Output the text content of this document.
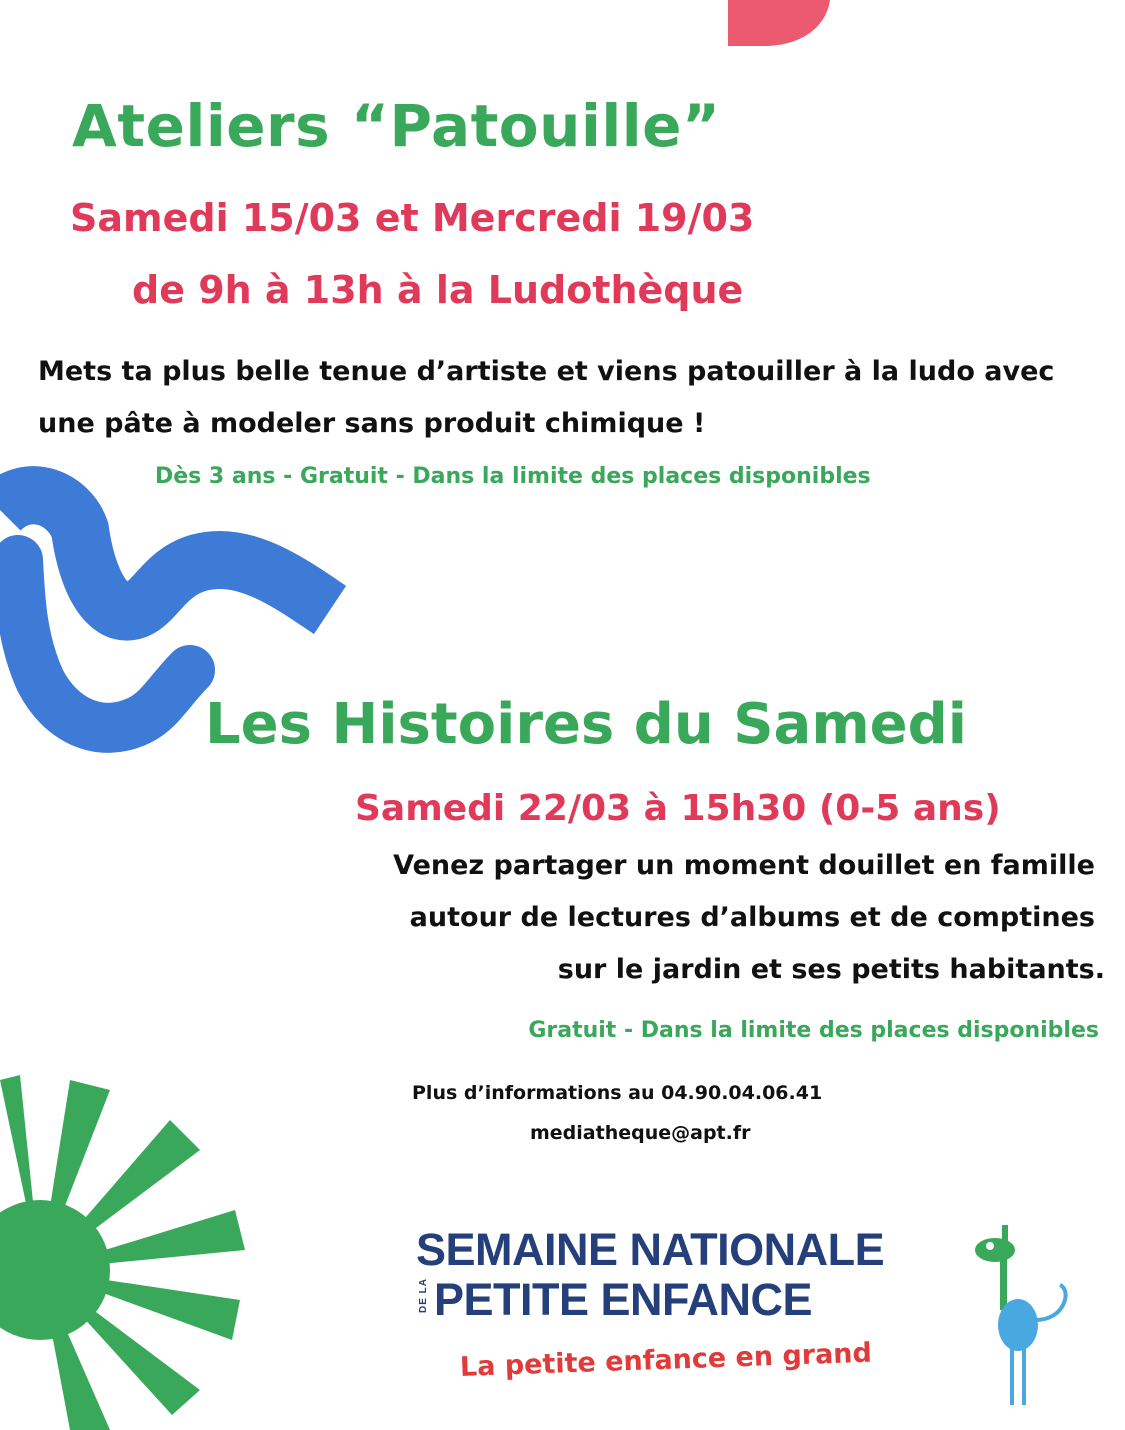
Ateliers “Patouille”
Samedi 15/03 et Mercredi 19/03
de 9h à 13h à la Ludothèque
Mets ta plus belle tenue d’artiste et viens patouiller à la ludo avec une pâte à modeler sans produit chimique !
Dès 3 ans - Gratuit - Dans la limite des places disponibles
Les Histoires du Samedi
Samedi 22/03 à 15h30 (0-5 ans)
Venez partager un moment douillet en famille
autour de lectures d’albums et de comptines
sur le jardin et ses petits habitants.
Gratuit - Dans la limite des places disponibles
Plus d’informations au 04.90.04.06.41
mediatheque@apt.fr
SEMAINE NATIONALE
DE LA PETITE ENFANCE
La petite enfance en grand
